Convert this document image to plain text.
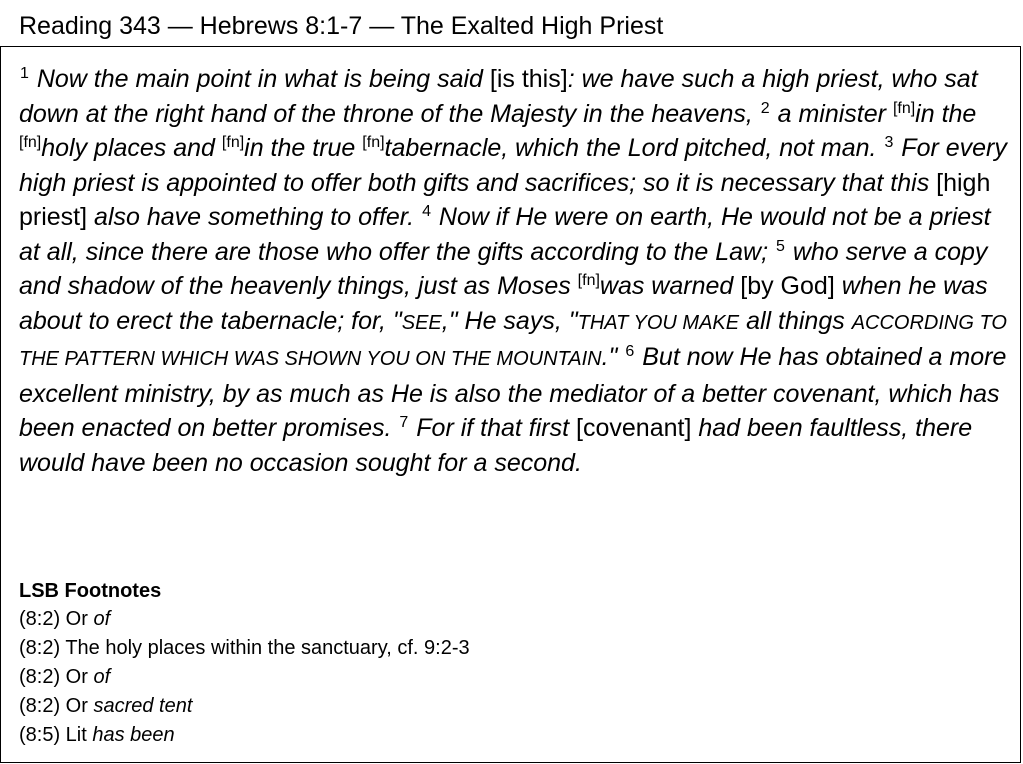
Reading 343 — Hebrews 8:1-7 — The Exalted High Priest
$^1$ Now the main point in what is being said [is this]: we have such a high priest, who sat down at the right hand of the throne of the Majesty in the heavens, $^2$ a minister [fn]in the [fn]holy places and [fn]in the true [fn]tabernacle, which the Lord pitched, not man. $^3$ For every high priest is appointed to offer both gifts and sacrifices; so it is necessary that this [high priest] also have something to offer. $^4$ Now if He were on earth, He would not be a priest at all, since there are those who offer the gifts according to the Law; $^5$ who serve a copy and shadow of the heavenly things, just as Moses [fn]was warned [by God] when he was about to erect the tabernacle; for, "SEE," He says, "THAT YOU MAKE all things ACCORDING TO THE PATTERN WHICH WAS SHOWN YOU ON THE MOUNTAIN." $^6$ But now He has obtained a more excellent ministry, by as much as He is also the mediator of a better covenant, which has been enacted on better promises. $^7$ For if that first [covenant] had been faultless, there would have been no occasion sought for a second.
LSB Footnotes
(8:2) Or of
(8:2) The holy places within the sanctuary, cf. 9:2-3
(8:2) Or of
(8:2) Or sacred tent
(8:5) Lit has been
